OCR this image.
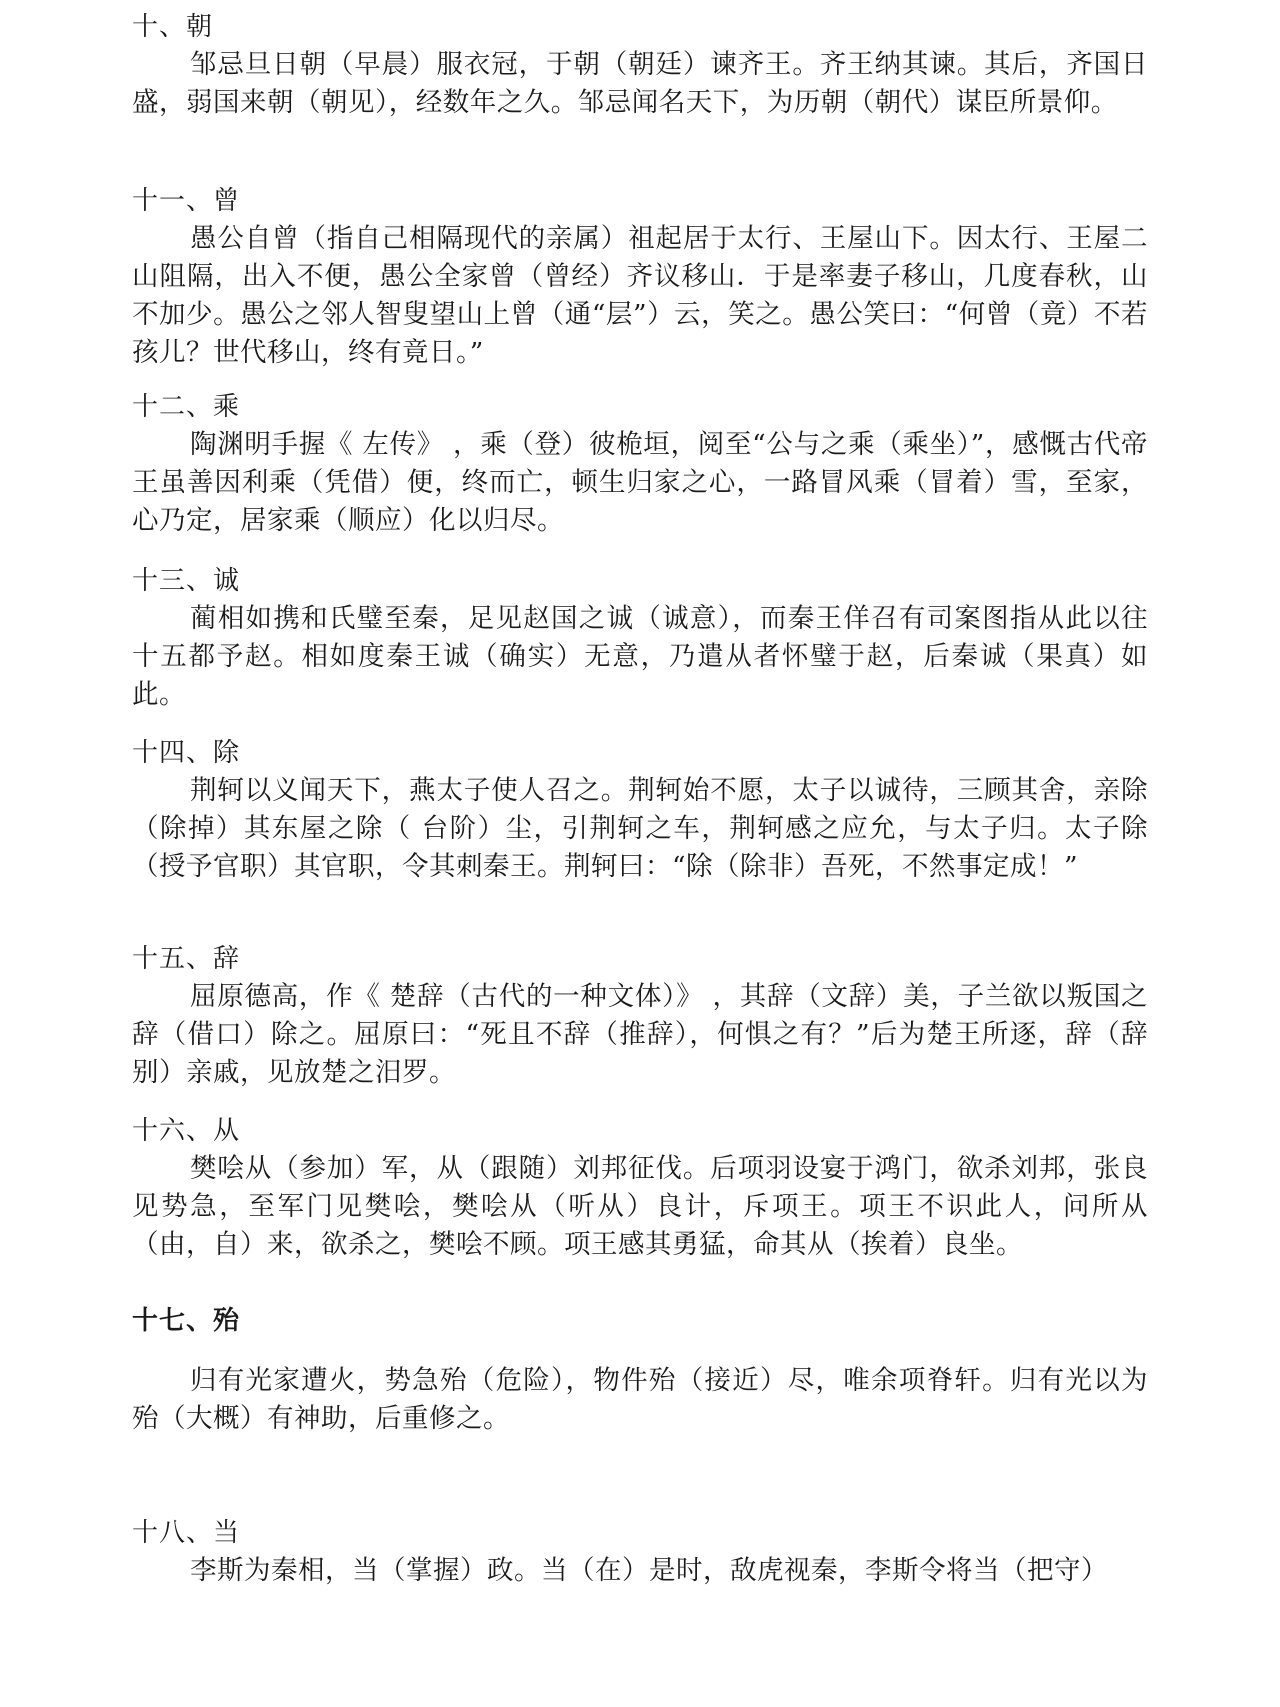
十、朝

邹忌旦日朝（早晨）服衣冠，于朝（朝廷）谏齐王。齐王纳其谏。其后，齐国日盛，弱国来朝（朝见），经数年之久。邹忌闻名天下，为历朝（朝代）谋臣所景仰。

十一、曾

愚公自曾（指自己相隔现代的亲属）祖起居于太行、王屋山下。因太行、王屋二山阻隔，出入不便，愚公全家曾（曾经）齐议移山．于是率妻子移山，几度春秋，山不加少。愚公之邻人智叟望山上曾（通“层”）云，笑之。愚公笑曰：“何曾（竟）不若孩儿？世代移山，终有竟日。”

十二、乘

陶渊明手握《 左传》 ，乘（登）彼桅垣，阅至“公与之乘（乘坐）”，感慨古代帝王虽善因利乘（凭借）便，终而亡，顿生归家之心，一路冒风乘（冒着）雪，至家，心乃定，居家乘（顺应）化以归尽。

十三、诚

蔺相如携和氏璧至秦，足见赵国之诚（诚意），而秦王佯召有司案图指从此以往十五都予赵。相如度秦王诚（确实）无意，乃遣从者怀璧于赵，后秦诚（果真）如此。

十四、除

荆轲以义闻天下，燕太子使人召之。荆轲始不愿，太子以诚待，三顾其舍，亲除（除掉）其东屋之除（ 台阶）尘，引荆轲之车，荆轲感之应允，与太子归。太子除（授予官职）其官职，令其刺秦王。荆轲曰：“除（除非）吾死，不然事定成！”

十五、辞

屈原德高，作《 楚辞（古代的一种文体）》 ，其辞（文辞）美，子兰欲以叛国之辞（借口）除之。屈原曰：“死且不辞（推辞），何惧之有？”后为楚王所逐，辞（辞别）亲戚，见放楚之汨罗。

十六、从

樊哙从（参加）军，从（跟随）刘邦征伐。后项羽设宴于鸿门，欲杀刘邦，张良见势急，至军门见樊哙，樊哙从（听从）良计，斥项王。项王不识此人，问所从（由，自）来，欲杀之，樊哙不顾。项王感其勇猛，命其从（挨着）良坐。

十七、殆

归有光家遭火，势急殆（危险），物件殆（接近）尽，唯余项脊轩。归有光以为殆（大概）有神助，后重修之。

十八、当

李斯为秦相，当（掌握）政。当（在）是时，敌虎视秦，李斯令将当（把守）
